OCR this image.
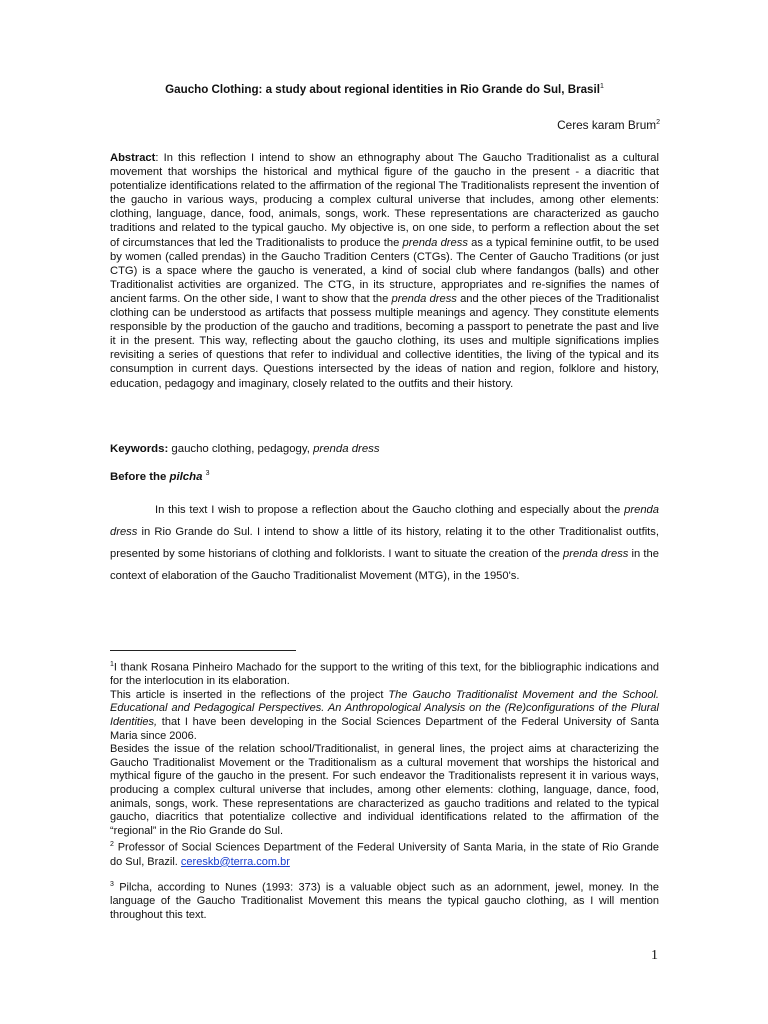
Gaucho Clothing: a study about regional identities in Rio Grande do Sul, Brasil$^1$
Ceres karam Brum$^2$

Abstract: In this reflection I intend to show an ethnography about The Gaucho Traditionalist as a cultural movement that worships the historical and mythical figure of the gaucho in the present - a diacritic that potentialize identifications related to the affirmation of the regional The Traditionalists represent the invention of the gaucho in various ways, producing a complex cultural universe that includes, among other elements: clothing, language, dance, food, animals, songs, work. These representations are characterized as gaucho traditions and related to the typical gaucho. My objective is, on one side, to perform a reflection about the set of circumstances that led the Traditionalists to produce the prenda dress as a typical feminine outfit, to be used by women (called prendas) in the Gaucho Tradition Centers (CTGs). The Center of Gaucho Traditions (or just CTG) is a space where the gaucho is venerated, a kind of social club where fandangos (balls) and other Traditionalist activities are organized. The CTG, in its structure, appropriates and re-signifies the names of ancient farms. On the other side, I want to show that the prenda dress and the other pieces of the Traditionalist clothing can be understood as artifacts that possess multiple meanings and agency. They constitute elements responsible by the production of the gaucho and traditions, becoming a passport to penetrate the past and live it in the present. This way, reflecting about the gaucho clothing, its uses and multiple significations implies revisiting a series of questions that refer to individual and collective identities, the living of the typical and its consumption in current days. Questions intersected by the ideas of nation and region, folklore and history, education, pedagogy and imaginary, closely related to the outfits and their history.

Keywords: gaucho clothing, pedagogy, prenda dress

Before the pilcha $^3$

In this text I wish to propose a reflection about the Gaucho clothing and especially about the prenda dress in Rio Grande do Sul. I intend to show a little of its history, relating it to the other Traditionalist outfits, presented by some historians of clothing and folklorists. I want to situate the creation of the prenda dress in the context of elaboration of the Gaucho Traditionalist Movement (MTG), in the 1950's.

$^1$I thank Rosana Pinheiro Machado for the support to the writing of this text, for the bibliographic indications and for the interlocution in its elaboration.

This article is inserted in the reflections of the project The Gaucho Traditionalist Movement and the School. Educational and Pedagogical Perspectives. An Anthropological Analysis on the (Re)configurations of the Plural Identities, that I have been developing in the Social Sciences Department of the Federal University of Santa Maria since 2006.

Besides the issue of the relation school/Traditionalist, in general lines, the project aims at characterizing the Gaucho Traditionalist Movement or the Traditionalism as a cultural movement that worships the historical and mythical figure of the gaucho in the present. For such endeavor the Traditionalists represent it in various ways, producing a complex cultural universe that includes, among other elements: clothing, language, dance, food, animals, songs, work. These representations are characterized as gaucho traditions and related to the typical gaucho, diacritics that potentialize collective and individual identifications related to the affirmation of the “regional” in the Rio Grande do Sul.

$^2$ Professor of Social Sciences Department of the Federal University of Santa Maria, in the state of Rio Grande do Sul, Brazil. cereskb@terra.com.br

$^3$ Pilcha, according to Nunes (1993: 373) is a valuable object such as an adornment, jewel, money. In the language of the Gaucho Traditionalist Movement this means the typical gaucho clothing, as I will mention throughout this text.

1
